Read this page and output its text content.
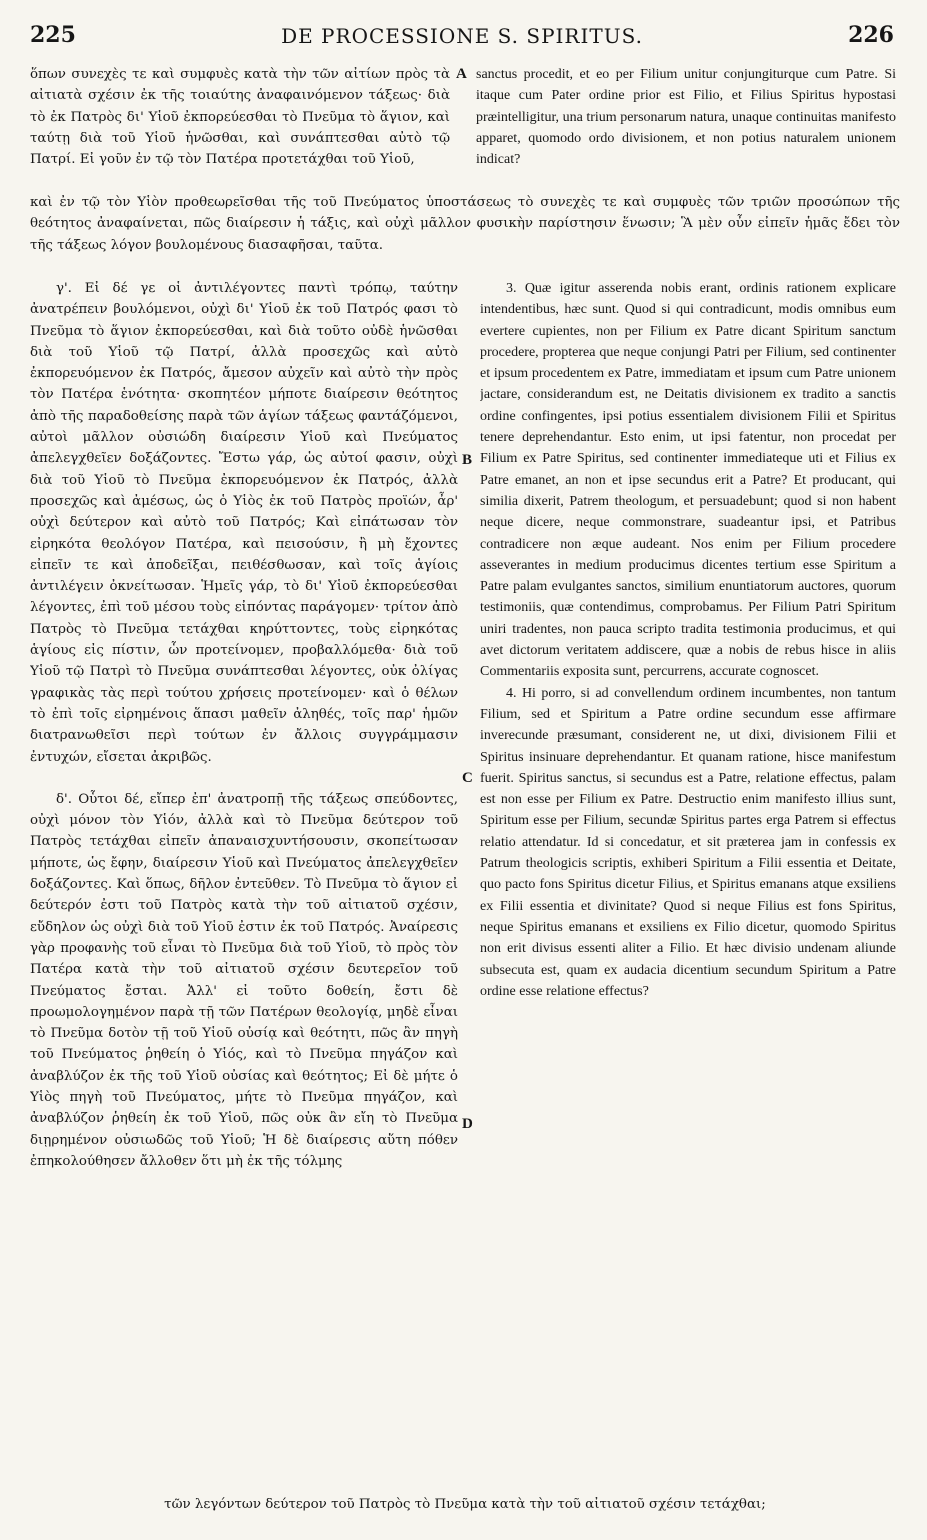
225	DE PROCESSIONE S. SPIRITUS.	226

ὅπων συνεχὲς τε καὶ συμφυὲς κατὰ τὴν τῶν αἰτίων πρὸς τὰ αἰτιατὰ σχέσιν ἐκ τῆς τοιαύτης ἀναφαινόμενον τάξεως· διὰ τὸ ἐκ Πατρὸς δι' Υἱοῦ ἐκπορεύεσθαι τὸ Πνεῦμα τὸ ἅγιον, καὶ ταύτῃ διὰ τοῦ Υἱοῦ ἡνῶσθαι, καὶ συνάπτεσθαι αὐτὸ τῷ Πατρί. Εἰ γοῦν ἐν τῷ τὸν Πατέρα προτετάχθαι τοῦ Υἱοῦ,

A sanctus procedit, et eo per Filium unitur conjungiturque cum Patre. Si itaque cum Pater ordine prior est Filio, et Filius Spiritus hypostasi præintelligitur, una trium personarum natura, unaque continuitas manifesto apparet, quomodo ordo divisionem, et non potius naturalem unionem indicat?

καὶ ἐν τῷ τὸν Υἱὸν προθεωρεῖσθαι τῆς τοῦ Πνεύματος ὑποστάσεως τὸ συνεχὲς τε καὶ συμφυὲς τῶν τριῶν προσώπων τῆς θεότητος ἀναφαίνεται, πῶς διαίρεσιν ἡ τάξις, καὶ οὐχὶ μᾶλλον φυσικὴν παρίστησιν ἕνωσιν; Ἃ μὲν οὖν εἰπεῖν ἡμᾶς ἔδει τὸν τῆς τάξεως λόγον βουλομένους διασαφῆσαι, ταῦτα.

γ'. Εἰ δέ γε οἱ ἀντιλέγοντες παντὶ τρόπῳ, ταύτην ἀνατρέπειν βουλόμενοι, οὐχὶ δι' Υἱοῦ ἐκ τοῦ Πατρός φασι τὸ Πνεῦμα τὸ ἅγιον ἐκπορεύεσθαι, καὶ διὰ τοῦτο οὐδὲ ἡνῶσθαι διὰ τοῦ Υἱοῦ τῷ Πατρί, ἀλλὰ προσεχῶς καὶ αὐτὸ ἐκπορευόμενον ἐκ Πατρός, ἄμεσον αὐχεῖν καὶ αὐτὸ τὴν πρὸς τὸν Πατέρα ἑνότητα· σκοπητέον μήποτε διαίρεσιν θεότητος ἀπὸ τῆς παραδοθείσης παρὰ τῶν ἁγίων τάξεως φαντάζόμενοι, αὐτοὶ μᾶλλον οὐσιώδη διαίρεσιν Υἱοῦ καὶ Πνεύματος ἀπελεγχθεῖεν δοξάζοντες. Ἔστω γάρ, ὡς αὐτοί φασιν, οὐχὶ διὰ τοῦ Υἱοῦ τὸ Πνεῦμα ἐκπορευόμενον ἐκ Πατρός, ἀλλὰ προσεχῶς καὶ ἀμέσως, ὡς ὁ Υἱὸς ἐκ τοῦ Πατρὸς προϊών, ἆρ' οὐχὶ δεύτερον καὶ αὐτὸ τοῦ Πατρός; Καὶ εἰπάτωσαν τὸν εἰρηκότα θεολόγον Πατέρα, καὶ πεισούσιν, ἢ μὴ ἔχοντες εἰπεῖν τε καὶ ἀποδεῖξαι, πειθέσθωσαν, καὶ τοῖς ἁγίοις ἀντιλέγειν ὀκνείτωσαν. Ἡμεῖς γάρ, τὸ δι' Υἱοῦ ἐκπορεύεσθαι λέγοντες, ἐπὶ τοῦ μέσου τοὺς εἰπόντας παράγομεν· τρίτον ἀπὸ Πατρὸς τὸ Πνεῦμα τετάχθαι κηρύττοντες, τοὺς εἰρηκότας ἁγίους εἰς πίστιν, ὧν προτείνομεν, προβαλλόμεθα· διὰ τοῦ Υἱοῦ τῷ Πατρὶ τὸ Πνεῦμα συνάπτεσθαι λέγοντες, οὐκ ὀλίγας γραφικὰς τὰς περὶ τούτου χρήσεις προτείνομεν· καὶ ὁ θέλων τὸ ἐπὶ τοῖς εἰρημένοις ἅπασι μαθεῖν ἀληθές, τοῖς παρ' ἡμῶν διατρανωθεῖσι περὶ τούτων ἐν ἄλλοις συγγράμμασιν ἐντυχών, εἴσεται ἀκριβῶς.

δ'. Οὗτοι δέ, εἴπερ ἐπ' ἀνατροπῇ τῆς τάξεως σπεύδοντες, οὐχὶ μόνον τὸν Υἱόν, ἀλλὰ καὶ τὸ Πνεῦμα δεύτερον τοῦ Πατρὸς τετάχθαι εἰπεῖν ἀπαναισχυντήσουσιν, σκοπείτωσαν μήποτε, ὡς ἔφην, διαίρεσιν Υἱοῦ καὶ Πνεύματος ἀπελεγχθεῖεν δοξάζοντες. Καὶ ὅπως, δῆλον ἐντεῦθεν. Τὸ Πνεῦμα τὸ ἅγιον εἰ δεύτερόν ἐστι τοῦ Πατρὸς κατὰ τὴν τοῦ αἰτιατοῦ σχέσιν, εὔδηλον ὡς οὐχὶ διὰ τοῦ Υἱοῦ ἐστιν ἐκ τοῦ Πατρός. Ἀναίρεσις γὰρ προφανὴς τοῦ εἶναι τὸ Πνεῦμα διὰ τοῦ Υἱοῦ, τὸ πρὸς τὸν Πατέρα κατὰ τὴν τοῦ αἰτιατοῦ σχέσιν δευτερεῖον τοῦ Πνεύματος ἔσται. Ἀλλ' εἰ τοῦτο δοθείη, ἔστι δὲ προωμολογημένον παρὰ τῇ τῶν Πατέρων θεολογίᾳ, μηδὲ εἶναι τὸ Πνεῦμα δοτὸν τῇ τοῦ Υἱοῦ οὐσίᾳ καὶ θεότητι, πῶς ἂν πηγὴ τοῦ Πνεύματος ῥηθείη ὁ Υἱός, καὶ τὸ Πνεῦμα πηγάζον καὶ ἀναβλύζον ἐκ τῆς τοῦ Υἱοῦ οὐσίας καὶ θεότητος; Εἰ δὲ μήτε ὁ Υἱὸς πηγὴ τοῦ Πνεύματος, μήτε τὸ Πνεῦμα πηγάζον, καὶ ἀναβλύζον ῥηθείη ἐκ τοῦ Υἱοῦ, πῶς οὐκ ἂν εἴη τὸ Πνεῦμα διῃρημένον οὐσιωδῶς τοῦ Υἱοῦ; Ἡ δὲ διαίρεσις αὕτη πόθεν ἐπηκολούθησεν ἄλλοθεν ὅτι μὴ ἐκ τῆς τόλμης

B
C
D

3. Quæ igitur asserenda nobis erant, ordinis rationem explicare intendentibus, hæc sunt. Quod si qui contradicunt, modis omnibus eum evertere cupientes, non per Filium ex Patre dicant Spiritum sanctum procedere, propterea que neque conjungi Patri per Filium, sed continenter et ipsum procedentem ex Patre, immediatam et ipsum cum Patre unionem jactare, considerandum est, ne Deitatis divisionem ex tradito a sanctis ordine confingentes, ipsi potius essentialem divisionem Filii et Spiritus tenere deprehendantur. Esto enim, ut ipsi fatentur, non procedat per Filium ex Patre Spiritus, sed continenter immediateque uti et Filius ex Patre emanet, an non et ipse secundus erit a Patre? Et producant, qui similia dixerit, Patrem theologum, et persuadebunt; quod si non habent neque dicere, neque commonstrare, suadeantur ipsi, et Patribus contradicere non æque audeant. Nos enim per Filium procedere asseverantes in medium producimus dicentes tertium esse Spiritum a Patre palam evulgantes sanctos, similium enuntiatorum auctores, quorum testimoniis, quæ contendimus, comprobamus. Per Filium Patri Spiritum uniri tradentes, non pauca scripto tradita testimonia producimus, et qui avet dictorum veritatem addiscere, quæ a nobis de rebus hisce in aliis Commentariis exposita sunt, percurrens, accurate cognoscet.

4. Hi porro, si ad convellendum ordinem incumbentes, non tantum Filium, sed et Spiritum a Patre ordine secundum esse affirmare inverecunde præsumant, considerent ne, ut dixi, divisionem Filii et Spiritus insinuare deprehendantur. Et quanam ratione, hisce manifestum fuerit. Spiritus sanctus, si secundus est a Patre, relatione effectus, palam est non esse per Filium ex Patre. Destructio enim manifesto illius sunt, Spiritum esse per Filium, secundæ Spiritus partes erga Patrem si effectus relatio attendatur. Id si concedatur, et sit præterea jam in confessis ex Patrum theologicis scriptis, exhiberi Spiritum a Filii essentia et Deitate, quo pacto fons Spiritus dicetur Filius, et Spiritus emanans atque exsiliens ex Filii essentia et divinitate? Quod si neque Filius est fons Spiritus, neque Spiritus emanans et exsiliens ex Filio dicetur, quomodo Spiritus non erit divisus essenti aliter a Filio. Et hæc divisio undenam aliunde subsecuta est, quam ex audacia dicentium secundum Spiritum a Patre ordine esse relatione effectus?

τῶν λεγόντων δεύτερον τοῦ Πατρὸς τὸ Πνεῦμα κατὰ τὴν τοῦ αἰτιατοῦ σχέσιν τετάχθαι;
